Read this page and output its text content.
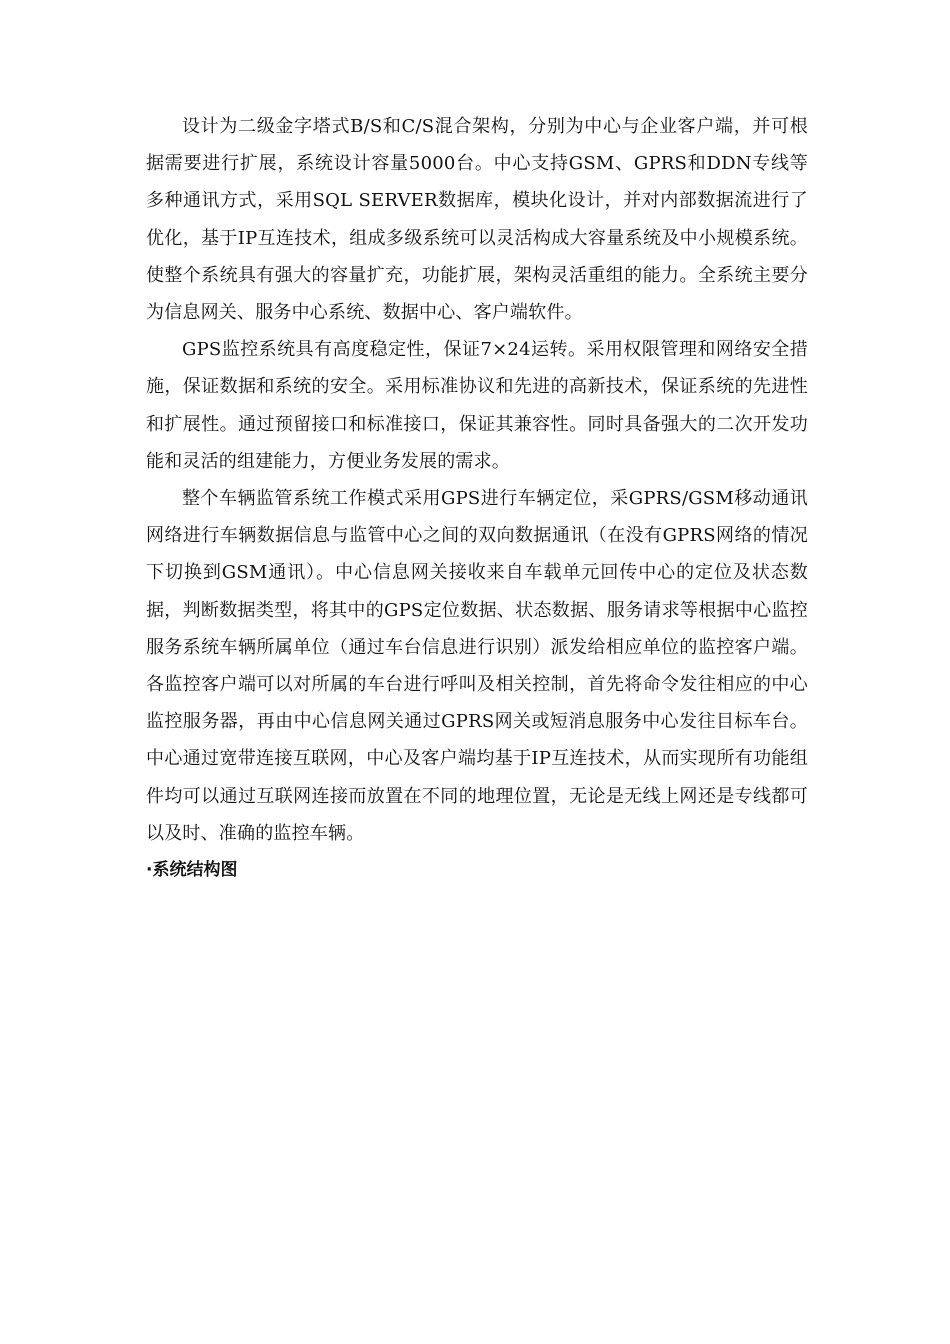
设计为二级金字塔式B/S和C/S混合架构，分别为中心与企业客户端，并可根据需要进行扩展，系统设计容量5000台。中心支持GSM、GPRS和DDN专线等多种通讯方式，采用SQL SERVER数据库，模块化设计，并对内部数据流进行了优化，基于IP互连技术，组成多级系统可以灵活构成大容量系统及中小规模系统。使整个系统具有强大的容量扩充，功能扩展，架构灵活重组的能力。全系统主要分为信息网关、服务中心系统、数据中心、客户端软件。

GPS监控系统具有高度稳定性，保证7×24运转。采用权限管理和网络安全措施，保证数据和系统的安全。采用标准协议和先进的高新技术，保证系统的先进性和扩展性。通过预留接口和标准接口，保证其兼容性。同时具备强大的二次开发功能和灵活的组建能力，方便业务发展的需求。

整个车辆监管系统工作模式采用GPS进行车辆定位，采GPRS/GSM移动通讯网络进行车辆数据信息与监管中心之间的双向数据通讯（在没有GPRS网络的情况下切换到GSM通讯）。中心信息网关接收来自车载单元回传中心的定位及状态数据，判断数据类型，将其中的GPS定位数据、状态数据、服务请求等根据中心监控服务系统车辆所属单位（通过车台信息进行识别）派发给相应单位的监控客户端。各监控客户端可以对所属的车台进行呼叫及相关控制，首先将命令发往相应的中心监控服务器，再由中心信息网关通过GPRS网关或短消息服务中心发往目标车台。中心通过宽带连接互联网，中心及客户端均基于IP互连技术，从而实现所有功能组件均可以通过互联网连接而放置在不同的地理位置，无论是无线上网还是专线都可以及时、准确的监控车辆。

·系统结构图
